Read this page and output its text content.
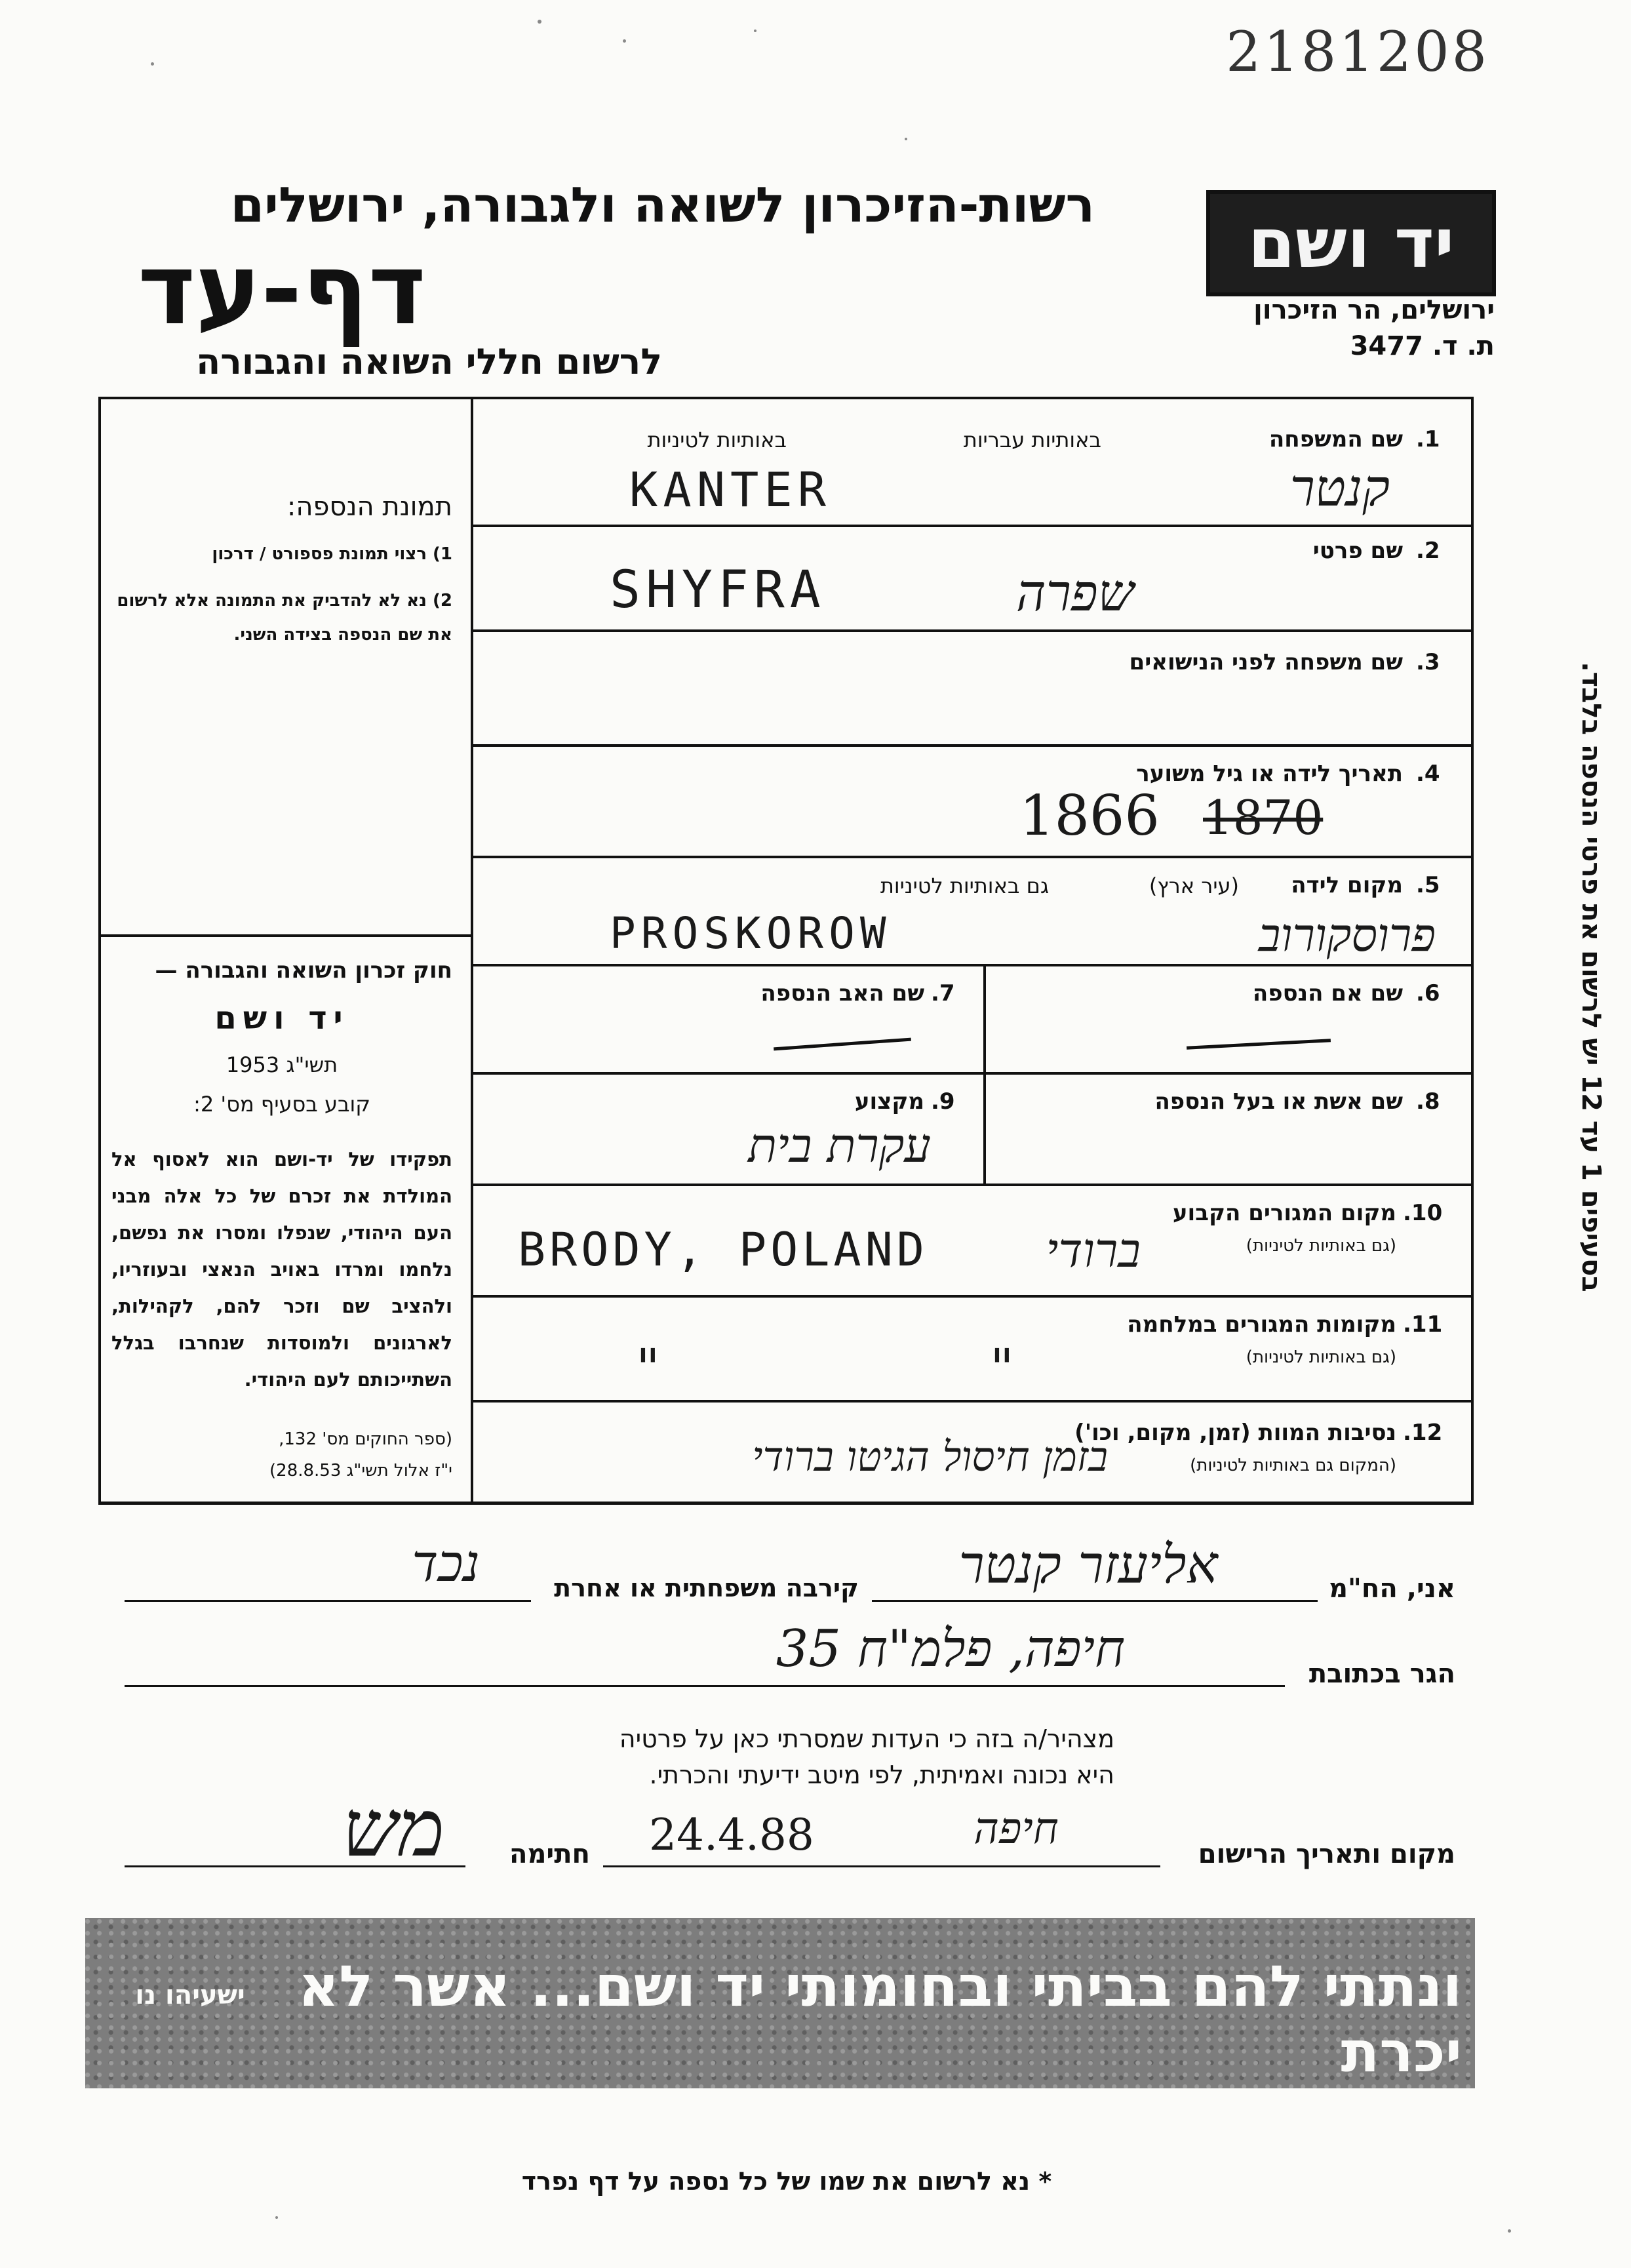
2181208
רשות-הזיכרון לשואה ולגבורה, ירושלים
דף-עד
לרשום חללי השואה והגבורה
יד ושם
ירושלים, הר הזיכרון
ת. ד. 3477
תמונת הנספה:
1) רצוי תמונת פספורט / דרכון
2) נא לא להדביק את התמונה אלא לרשום את שם הנספה בצידה השני.
חוק זכרון השואה והגבורה —
יד ושם
תשי"ג 1953
קובע בסעיף מס' 2:
תפקידו של יד-ושם הוא לאסוף אל המולדת את זכרם של כל אלה מבני העם היהודי, שנפלו ומסרו את נפשם, נלחמו ומרדו באויב הנאצי ובעוזריו, ולהציב שם וזכר להם, לקהילות, לארגונים ולמוסדות שנחרבו בגלל השתייכותם לעם היהודי.
(ספר החוקים מס' 132,
י"ז אלול תשי"ג 28.8.53)
בסעיפים 1 עד 12 יש לרשום את פרטי הנספה בלבד.
1.
שם המשפחה
באותיות עבריות
באותיות לטיניות
KANTER	קנטר
2.
שם פרטי
SHYFRA	שפרה
3.
שם משפחה לפני הנישואים
4.
תאריך לידה או גיל משוער
1866 1870
5.
מקום לידה
(עיר ארץ)
גם באותיות לטיניות
PROSKOROW	פרוסקורוב
6.
שם אם הנספה
7.
שם האב הנספה
8.
שם אשת או בעל הנספה
9.
מקצוע
עקרת בית
10.
מקום המגורים הקבוע
(גם באותיות לטיניות)
BRODY, POLAND	ברודי
11.
מקומות המגורים במלחמה
(גם באותיות לטיניות)
"	"
12.
נסיבות המוות (זמן, מקום, וכו')
(המקום גם באותיות לטיניות)
בזמן חיסול הגיטו ברודי
אני, הח"מ
אליעזר קנטר
קירבה משפחתית או אחרת
נכד
הגר בכתובת
חיפה, פלמ"ח 35
מצהיר/ה בזה כי העדות שמסרתי כאן על פרטיה
היא נכונה ואמיתית, לפי מיטב ידיעתי והכרתי.
מקום ותאריך הרישום
חיפה
24.4.88
חתימה
מש
ונתתי להם בביתי ובחומותי יד ושם... אשר לא יכרת
ישעיהו נו
* נא לרשום את שמו של כל נספה על דף נפרד
